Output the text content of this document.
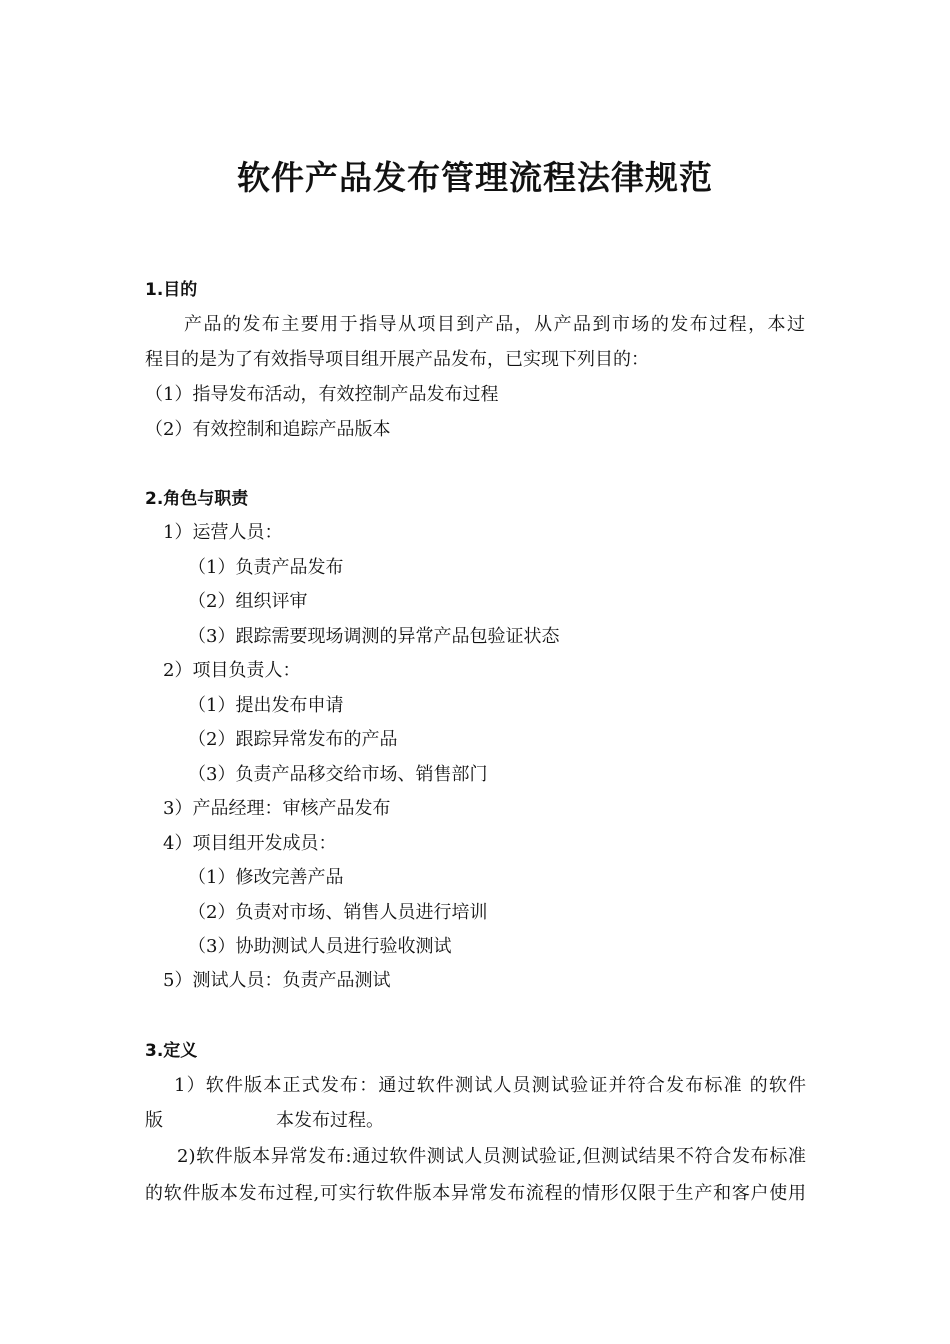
软件产品发布管理流程法律规范
1.目的
产品的发布主要用于指导从项目到产品，从产品到市场的发布过程，本过
程目的是为了有效指导项目组开展产品发布，已实现下列目的：
（1）指导发布活动，有效控制产品发布过程
（2）有效控制和追踪产品版本
2.角色与职责
1）运营人员：
（1）负责产品发布
（2）组织评审
（3）跟踪需要现场调测的异常产品包验证状态
2）项目负责人：
（1）提出发布申请
（2）跟踪异常发布的产品
（3）负责产品移交给市场、销售部门
3）产品经理：审核产品发布
4）项目组开发成员：
（1）修改完善产品
（2）负责对市场、销售人员进行培训
（3）协助测试人员进行验收测试
5）测试人员：负责产品测试
3.定义
1）软件版本正式发布：通过软件测试人员测试验证并符合发布标准 的软件
版	本发布过程。
2)软件版本异常发布:通过软件测试人员测试验证,但测试结果不符合发布标准
的软件版本发布过程,可实行软件版本异常发布流程的情形仅限于生产和客户使用
